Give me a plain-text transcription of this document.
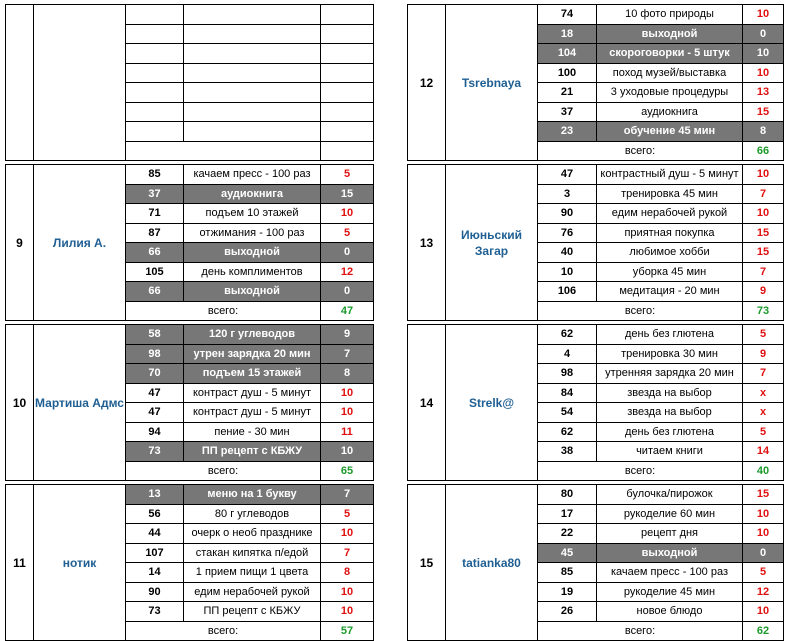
9	Лилия А.	85	качаем пресс - 100 раз	5
		37	аудиокнига	15
		71	подъем 10 этажей	10
		87	отжимания - 100 раз	5
		66	выходной	0
		105	день комплиментов	12
		66	выходной	0
		всего:		47

10	Мартиша Адмс	58	120 г углеводов	9
		98	утрен зарядка 20 мин	7
		70	подъем 15 этажей	8
		47	контраст душ - 5 минут	10
		47	контраст душ - 5 минут	10
		94	пение - 30 мин	11
		73	ПП рецепт с КБЖУ	10
		всего:		65

11	нотик	13	меню на 1 букву	7
		56	80 г углеводов	5
		44	очерк о необ празднике	10
		107	стакан кипятка п/едой	7
		14	1 прием пищи 1 цвета	8
		90	едим нерабочей рукой	10
		73	ПП рецепт с КБЖУ	10
		всего:		57
12	Tsrebnaya	74	10 фото природы	10
		18	выходной	0
		104	скороговорки - 5 штук	10
		100	поход музей/выставка	10
		21	3 уходовые процедуры	13
		37	аудиокнига	15
		23	обучение 45 мин	8
		всего:		66

13	Июньский Загар	47	контрастный душ - 5 минут	10
		3	тренировка 45 мин	7
		90	едим нерабочей рукой	10
		76	приятная покупка	15
		40	любимое хобби	15
		10	уборка 45 мин	7
		106	медитация - 20 мин	9
		всего:		73

14	Strelk@	62	день без глютена	5
		4	тренировка 30 мин	9
		98	утренняя зарядка 20 мин	7
		84	звезда на выбор	x
		54	звезда на выбор	x
		62	день без глютена	5
		38	читаем книги	14
		всего:		40

15	tatianka80	80	булочка/пирожок	15
		17	рукоделие 60 мин	10
		22	рецепт дня	10
		45	выходной	0
		85	качаем пресс - 100 раз	5
		19	рукоделие 45 мин	12
		26	новое блюдо	10
		всего:		62
